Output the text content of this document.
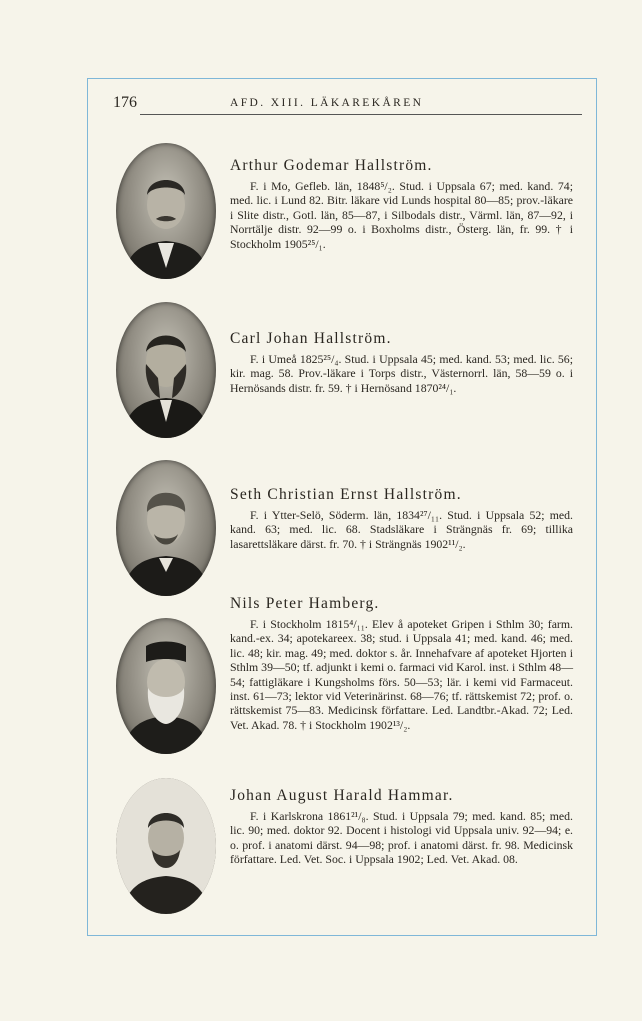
176	AFD. XIII. LÄKAREKÅREN

Arthur Godemar Hallström.

F. i Mo, Gefleb. län, 1848⁵/₂. Stud. i Uppsala 67; med. kand. 74; med. lic. i Lund 82. Bitr. läkare vid Lunds hospital 80—85; prov.-läkare i Slite distr., Gotl. län, 85—87, i Silbodals distr., Värml. län, 87—92, i Norrtälje distr. 92—99 o. i Boxholms distr., Österg. län, fr. 99. † i Stockholm 1905²⁵/₁.

Carl Johan Hallström.

F. i Umeå 1825²⁵/₄. Stud. i Uppsala 45; med. kand. 53; med. lic. 56; kir. mag. 58. Prov.-läkare i Torps distr., Västernorrl. län, 58—59 o. i Hernösands distr. fr. 59. † i Hernösand 1870²⁴/₁.

Seth Christian Ernst Hallström.

F. i Ytter-Selö, Söderm. län, 1834²⁷/₁₁. Stud. i Uppsala 52; med. kand. 63; med. lic. 68. Stadsläkare i Strängnäs fr. 69; tillika lasarettsläkare därst. fr. 70. † i Strängnäs 1902¹¹/₂.

Nils Peter Hamberg.

F. i Stockholm 1815⁴/₁₁. Elev å apoteket Gripen i Sthlm 30; farm. kand.-ex. 34; apotekareex. 38; stud. i Uppsala 41; med. kand. 46; med. lic. 48; kir. mag. 49; med. doktor s. år. Innehafvare af apoteket Hjorten i Sthlm 39—50; tf. adjunkt i kemi o. farmaci vid Karol. inst. i Sthlm 48—54; fattigläkare i Kungsholms förs. 50—53; lär. i kemi vid Farmaceut. inst. 61—73; lektor vid Veterinärinst. 68—76; tf. rättskemist 72; prof. o. rättskemist 75—83. Medicinsk författare. Led. Landtbr.-Akad. 72; Led. Vet. Akad. 78. † i Stockholm 1902¹³/₂.

Johan August Harald Hammar.

F. i Karlskrona 1861²¹/₈. Stud. i Uppsala 79; med. kand. 85; med. lic. 90; med. doktor 92. Docent i histologi vid Uppsala univ. 92—94; e. o. prof. i anatomi därst. 94—98; prof. i anatomi därst. fr. 98. Medicinsk författare. Led. Vet. Soc. i Uppsala 1902; Led. Vet. Akad. 08.
